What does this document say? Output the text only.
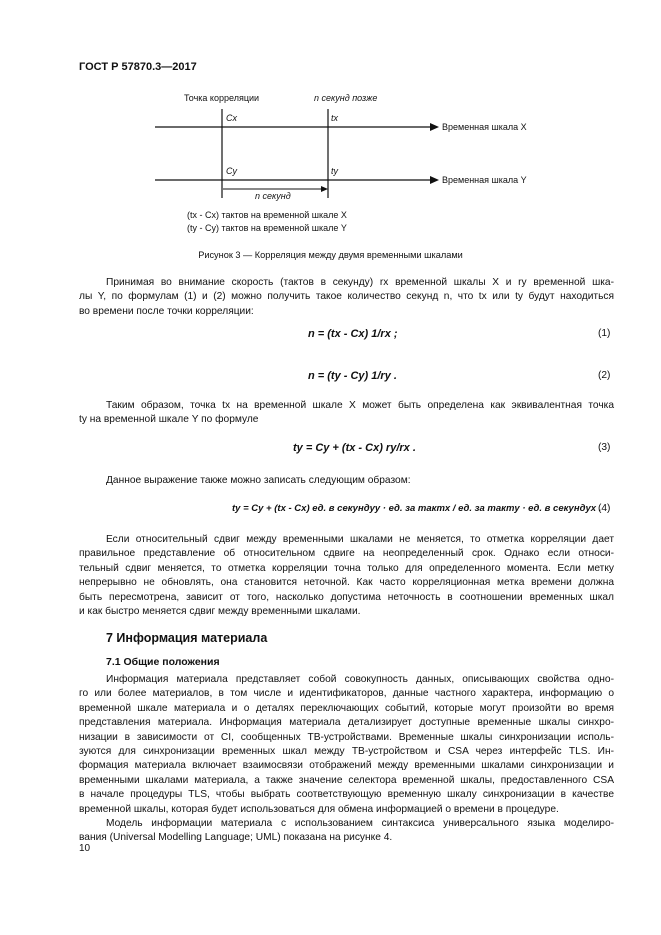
ГОСТ Р 57870.3—2017
Точка корреляции	n секунд позже
Временная шкала X
Временная шкала Y
Cx	tx
Cy	ty
n секунд
(tx - Cx) тактов на временной шкале X
(ty - Cy) тактов на временной шкале Y
Рисунок 3 — Корреляция между двумя временными шкалами
Принимая во внимание скорость (тактов в секунду) rx временной шкалы X и ry временной шка-
лы Y, по формулам (1) и (2) можно получить такое количество секунд n, что tx или ty будут находиться
во времени после точки корреляции:
n = (tx - Cx) 1/rx ;	(1)
n = (ty - Cy) 1/ry .	(2)
Таким образом, точка tx на временной шкале X может быть определена как эквивалентная точка
ty на временной шкале Y по формуле
ty = Cy + (tx - Cx) ry/rx .	(3)
Данное выражение также можно записать следующим образом:
ty = Cy + (tx - Cx) ед. в секундуy · ед. за тактx / ед. за тактy · ед. в секундуx .
(4)
Если относительный сдвиг между временными шкалами не меняется, то отметка корреляции дает
правильное представление об относительном сдвиге на неопределенный срок. Однако если относи-
тельный сдвиг меняется, то отметка корреляции точна только для определенного момента. Если метку
непрерывно не обновлять, она становится неточной. Как часто корреляционная метка времени должна
быть пересмотрена, зависит от того, насколько допустима неточность в соотношении временных шкал
и как быстро меняется сдвиг между временными шкалами.
7 Информация материала
7.1 Общие положения
Информация материала представляет собой совокупность данных, описывающих свойства одно-
го или более материалов, в том числе и идентификаторов, данные частного характера, информацию о
временной шкале материала и о деталях переключающих событий, которые могут произойти во время
представления материала. Информация материала детализирует доступные временные шкалы синхро-
низации в зависимости от CI, сообщенных ТВ-устройствами. Временные шкалы синхронизации исполь-
зуются для синхронизации временных шкал между ТВ-устройством и CSA через интерфейс TLS. Ин-
формация материала включает взаимосвязи отображений между временными шкалами синхронизации и
временными шкалами материала, а также значение селектора временной шкалы, предоставленного CSA
в начале процедуры TLS, чтобы выбрать соответствующую временную шкалу синхронизации в качестве
временной шкалы, которая будет использоваться для обмена информацией о времени в процедуре.
Модель информации материала с использованием синтаксиса универсального языка моделиро-
вания (Universal Modelling Language; UML) показана на рисунке 4.
10
